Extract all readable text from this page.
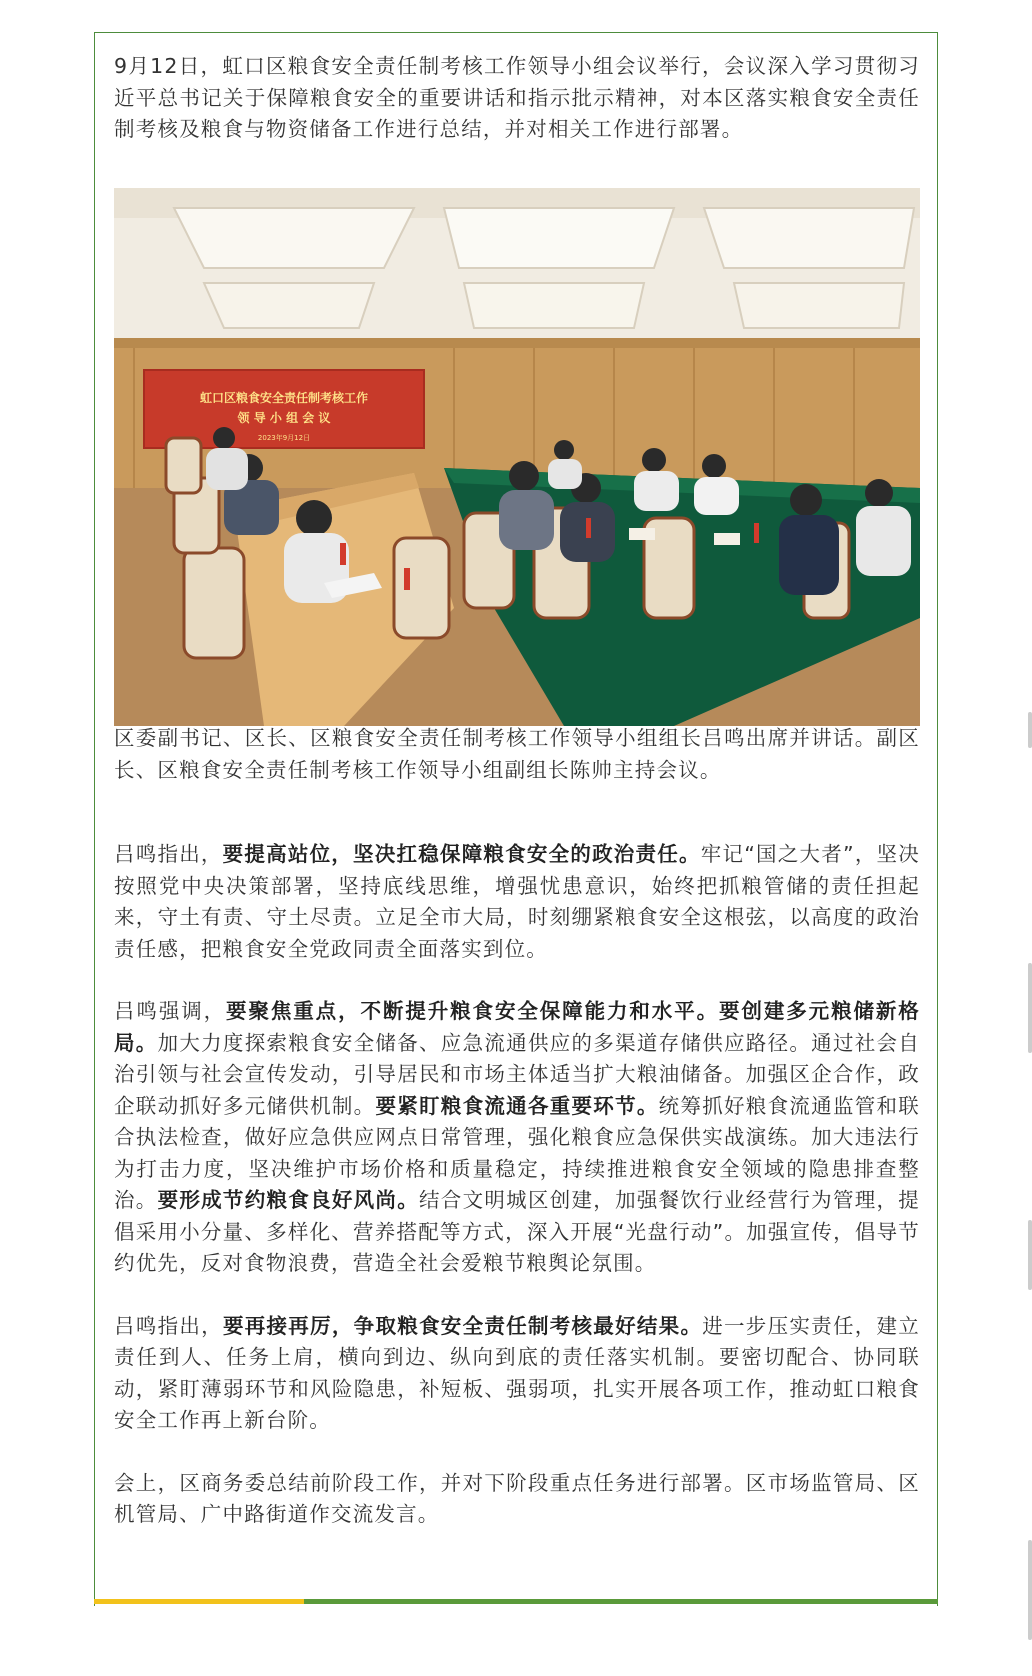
9月12日，虹口区粮食安全责任制考核工作领导小组会议举行，会议深入学习贯彻习近平总书记关于保障粮食安全的重要讲话和指示批示精神，对本区落实粮食安全责任制考核及粮食与物资储备工作进行总结，并对相关工作进行部署。

虹口区粮食安全责任制考核工作
领 导 小 组 会 议
2023年9月12日

区委副书记、区长、区粮食安全责任制考核工作领导小组组长吕鸣出席并讲话。副区长、区粮食安全责任制考核工作领导小组副组长陈帅主持会议。

吕鸣指出，要提高站位，坚决扛稳保障粮食安全的政治责任。牢记“国之大者”，坚决按照党中央决策部署，坚持底线思维，增强忧患意识，始终把抓粮管储的责任担起来，守土有责、守土尽责。立足全市大局，时刻绷紧粮食安全这根弦，以高度的政治责任感，把粮食安全党政同责全面落实到位。

吕鸣强调，要聚焦重点，不断提升粮食安全保障能力和水平。要创建多元粮储新格局。加大力度探索粮食安全储备、应急流通供应的多渠道存储供应路径。通过社会自治引领与社会宣传发动，引导居民和市场主体适当扩大粮油储备。加强区企合作，政企联动抓好多元储供机制。要紧盯粮食流通各重要环节。统筹抓好粮食流通监管和联合执法检查，做好应急供应网点日常管理，强化粮食应急保供实战演练。加大违法行为打击力度，坚决维护市场价格和质量稳定，持续推进粮食安全领域的隐患排查整治。要形成节约粮食良好风尚。结合文明城区创建，加强餐饮行业经营行为管理，提倡采用小分量、多样化、营养搭配等方式，深入开展“光盘行动”。加强宣传，倡导节约优先，反对食物浪费，营造全社会爱粮节粮舆论氛围。

吕鸣指出，要再接再厉，争取粮食安全责任制考核最好结果。进一步压实责任，建立责任到人、任务上肩，横向到边、纵向到底的责任落实机制。要密切配合、协同联动，紧盯薄弱环节和风险隐患，补短板、强弱项，扎实开展各项工作，推动虹口粮食安全工作再上新台阶。

会上，区商务委总结前阶段工作，并对下阶段重点任务进行部署。区市场监管局、区机管局、广中路街道作交流发言。
